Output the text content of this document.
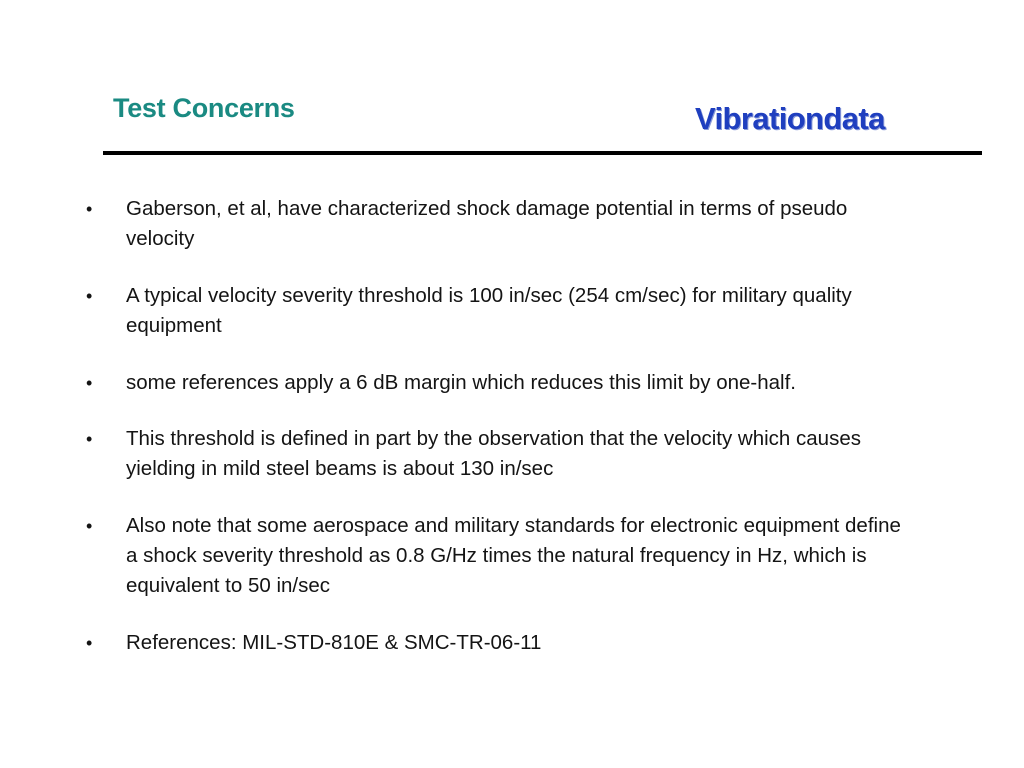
Test Concerns	Vibrationdata
•	Gaberson, et al, have characterized shock damage potential in terms of pseudo velocity
•	A typical velocity severity threshold is 100 in/sec (254 cm/sec) for military quality equipment
•	some references apply a 6 dB margin which reduces this limit by one-half.
•	This threshold is defined in part by the observation that the velocity which causes yielding in mild steel beams is about 130 in/sec
•	Also note that some aerospace and military standards for electronic equipment define a shock severity threshold as 0.8 G/Hz times the natural frequency in Hz, which is equivalent to 50 in/sec
•	References: MIL-STD-810E & SMC-TR-06-11
